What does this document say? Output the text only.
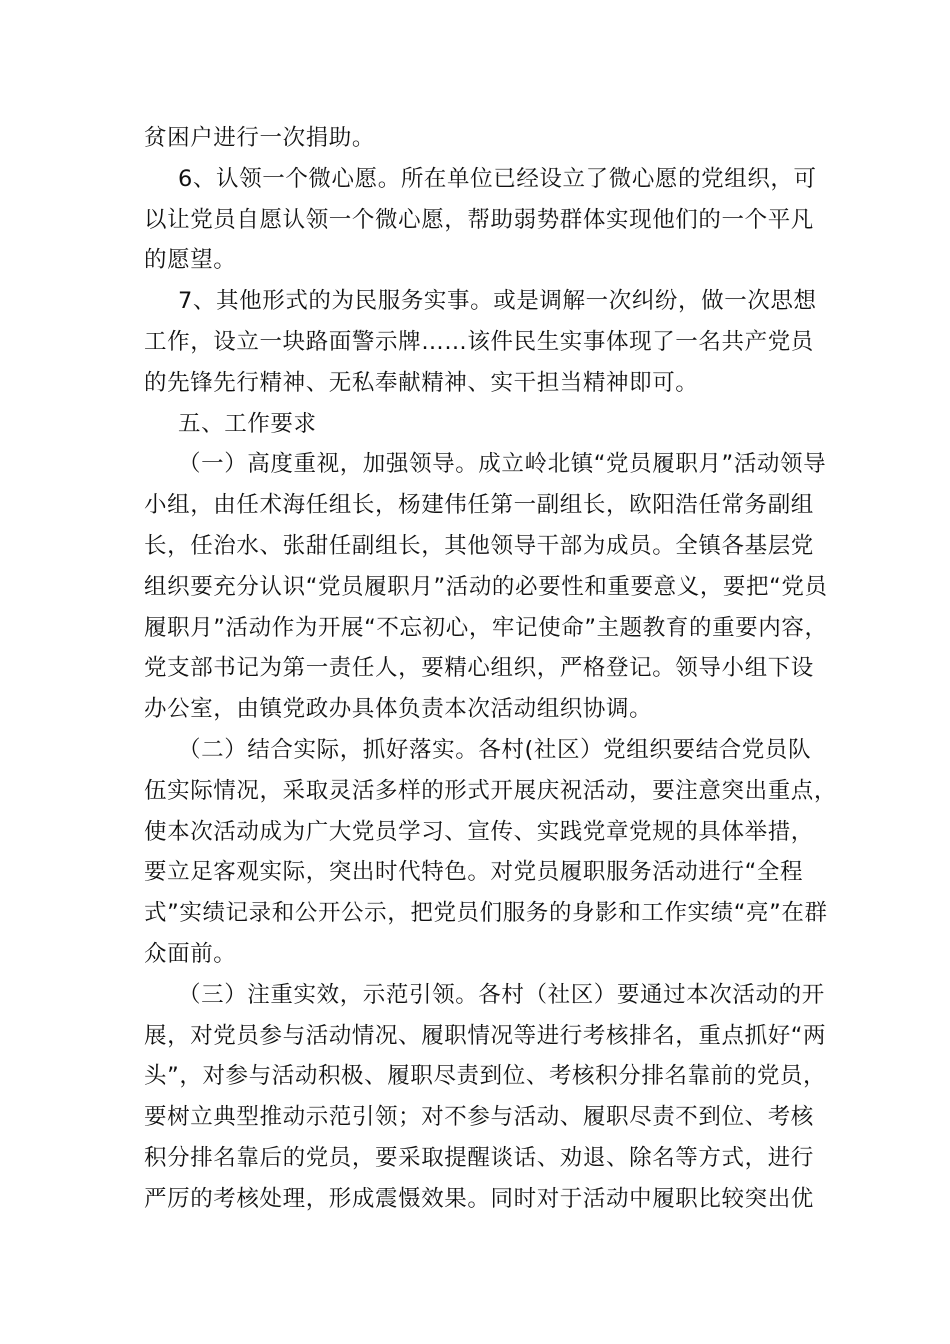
贫困户进行一次捐助。
6、认领一个微心愿。所在单位已经设立了微心愿的党组织，可
以让党员自愿认领一个微心愿，帮助弱势群体实现他们的一个平凡
的愿望。
7、其他形式的为民服务实事。或是调解一次纠纷，做一次思想
工作，设立一块路面警示牌……该件民生实事体现了一名共产党员
的先锋先行精神、无私奉献精神、实干担当精神即可。
五、工作要求
（一）高度重视，加强领导。成立岭北镇“党员履职月”活动领导
小组，由任术海任组长，杨建伟任第一副组长，欧阳浩任常务副组
长，任治水、张甜任副组长，其他领导干部为成员。全镇各基层党
组织要充分认识“党员履职月”活动的必要性和重要意义，要把“党员
履职月”活动作为开展“不忘初心，牢记使命”主题教育的重要内容，
党支部书记为第一责任人，要精心组织，严格登记。领导小组下设
办公室，由镇党政办具体负责本次活动组织协调。
（二）结合实际，抓好落实。各村(社区）党组织要结合党员队
伍实际情况，采取灵活多样的形式开展庆祝活动，要注意突出重点，
使本次活动成为广大党员学习、宣传、实践党章党规的具体举措，
要立足客观实际，突出时代特色。对党员履职服务活动进行“全程
式”实绩记录和公开公示，把党员们服务的身影和工作实绩“亮”在群
众面前。
（三）注重实效，示范引领。各村（社区）要通过本次活动的开
展，对党员参与活动情况、履职情况等进行考核排名，重点抓好“两
头”，对参与活动积极、履职尽责到位、考核积分排名靠前的党员，
要树立典型推动示范引领；对不参与活动、履职尽责不到位、考核
积分排名靠后的党员，要采取提醒谈话、劝退、除名等方式，进行
严厉的考核处理，形成震慑效果。同时对于活动中履职比较突出优
